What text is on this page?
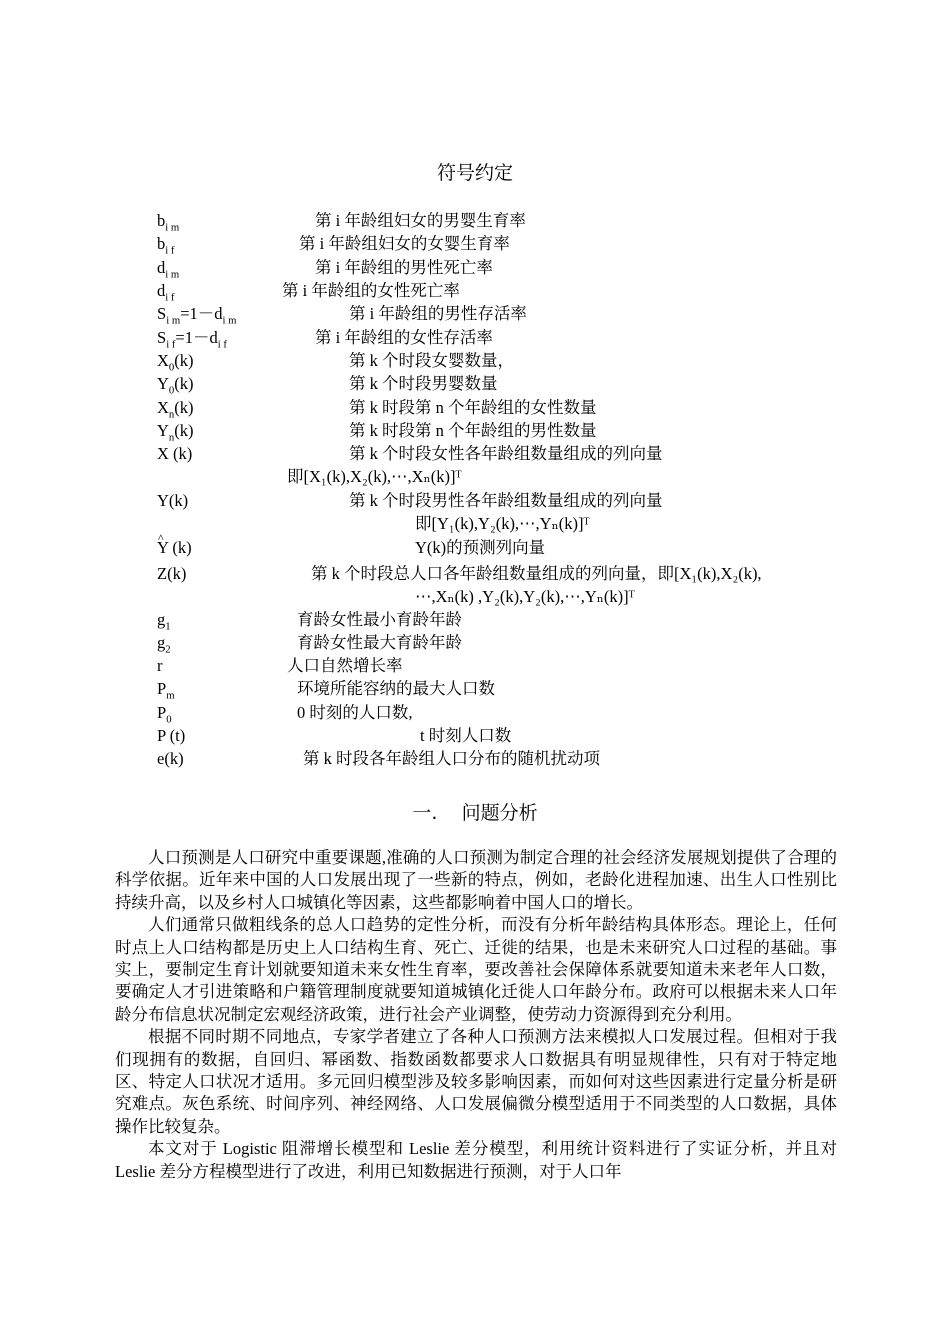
符号约定
$b_{i m}$	第 i 年龄组妇女的男婴生育率
$b_{i f}$	第 i 年龄组妇女的女婴生育率
$d_{i m}$	第 i 年龄组的男性死亡率
$d_{i f}$	第 i 年龄组的女性死亡率
$S_{i m}=1-d_{i m}$	第 i 年龄组的男性存活率
$S_{i f}=1-d_{i f}$	第 i 年龄组的女性存活率
$X_0(k)$	第 k 个时段女婴数量，
$Y_0(k)$	第 k 个时段男婴数量
$X_n(k)$	第 k 时段第 n 个年龄组的女性数量
$Y_n(k)$	第 k 时段第 n 个年龄组的男性数量
X (k)	第 k 个时段女性各年龄组数量组成的列向量
即[X₁(k),X₂(k),⋯,Xₙ(k)]ᵀ
Y(k)	第 k 个时段男性各年龄组数量组成的列向量
即[Y₁(k),Y₂(k),⋯,Yₙ(k)]ᵀ
^ Y (k)	Y(k)的预测列向量
Z(k)	第 k 个时段总人口各年龄组数量组成的列向量，即[X₁(k),X₂(k),
⋯,Xₙ(k) ,Y₂(k),Y₂(k),⋯,Yₙ(k)]ᵀ
$g_1$	育龄女性最小育龄年龄
$g_2$	育龄女性最大育龄年龄
r	人口自然增长率
$P_m$	环境所能容纳的最大人口数
$P_0$	0 时刻的人口数,
P (t)	t 时刻人口数
e(k)	第 k 时段各年龄组人口分布的随机扰动项
一.    问题分析

人口预测是人口研究中重要课题,准确的人口预测为制定合理的社会经济发展规划提供了合理的科学依据。近年来中国的人口发展出现了一些新的特点，例如，老龄化进程加速、出生人口性别比持续升高，以及乡村人口城镇化等因素，这些都影响着中国人口的增长。

人们通常只做粗线条的总人口趋势的定性分析，而没有分析年龄结构具体形态。理论上，任何时点上人口结构都是历史上人口结构生育、死亡、迁徙的结果，也是未来研究人口过程的基础。事实上，要制定生育计划就要知道未来女性生育率，要改善社会保障体系就要知道未来老年人口数，要确定人才引进策略和户籍管理制度就要知道城镇化迁徙人口年龄分布。政府可以根据未来人口年龄分布信息状况制定宏观经济政策，进行社会产业调整，使劳动力资源得到充分利用。

根据不同时期不同地点，专家学者建立了各种人口预测方法来模拟人口发展过程。但相对于我们现拥有的数据，自回归、幂函数、指数函数都要求人口数据具有明显规律性，只有对于特定地区、特定人口状况才适用。多元回归模型涉及较多影响因素，而如何对这些因素进行定量分析是研究难点。灰色系统、时间序列、神经网络、人口发展偏微分模型适用于不同类型的人口数据，具体操作比较复杂。

本文对于 Logistic 阻滞增长模型和 Leslie 差分模型，利用统计资料进行了实证分析，并且对 Leslie 差分方程模型进行了改进，利用已知数据进行预测，对于人口年
